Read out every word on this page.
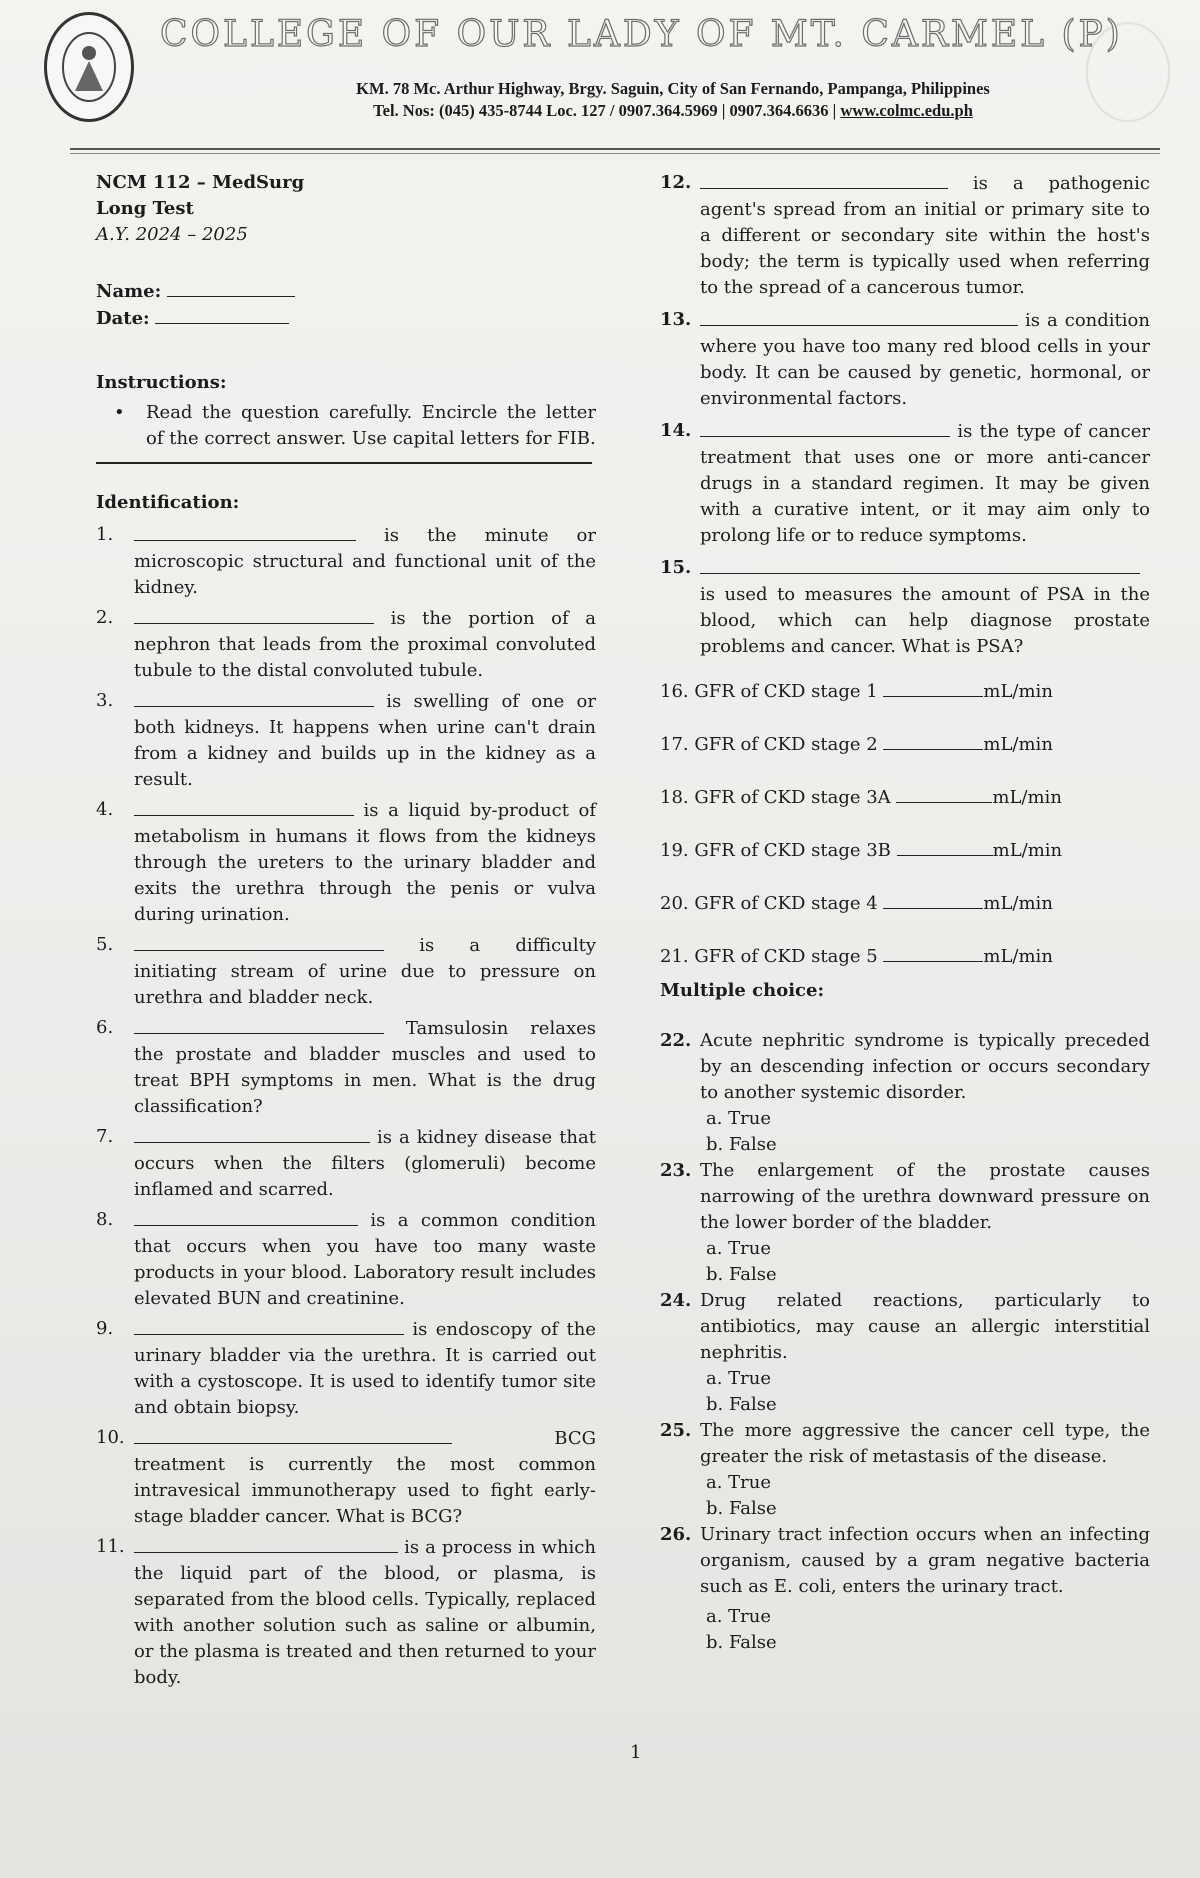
COLLEGE OF OUR LADY OF MT. CARMEL (P)
KM. 78 Mc. Arthur Highway, Brgy. Saguin, City of San Fernando, Pampanga, Philippines
Tel. Nos: (045) 435-8744 Loc. 127 / 0907.364.5969 | 0907.364.6636 | www.colmc.edu.ph
NCM 112 – MedSurg
Long Test
A.Y. 2024 – 2025
Name:
Date:
Instructions:
• Read the question carefully. Encircle the letter of the correct answer. Use capital letters for FIB.
Identification:
1.	is the minute or microscopic structural and functional unit of the kidney.
2.	is the portion of a nephron that leads from the proximal convoluted tubule to the distal convoluted tubule.
3.	is swelling of one or both kidneys. It happens when urine can't drain from a kidney and builds up in the kidney as a result.
4.	is a liquid by-product of metabolism in humans it flows from the kidneys through the ureters to the urinary bladder and exits the urethra through the penis or vulva during urination.
5.	is a difficulty initiating stream of urine due to pressure on urethra and bladder neck.
6.	Tamsulosin relaxes the prostate and bladder muscles and used to treat BPH symptoms in men. What is the drug classification?
7.	is a kidney disease that occurs when the filters (glomeruli) become inflamed and scarred.
8.	is a common condition that occurs when you have too many waste products in your blood. Laboratory result includes elevated BUN and creatinine.
9.	is endoscopy of the urinary bladder via the urethra. It is carried out with a cystoscope. It is used to identify tumor site and obtain biopsy.
10.	BCG treatment is currently the most common intravesical immunotherapy used to fight early-stage bladder cancer. What is BCG?
11.	is a process in which the liquid part of the blood, or plasma, is separated from the blood cells. Typically, replaced with another solution such as saline or albumin, or the plasma is treated and then returned to your body.
12.	is a pathogenic agent's spread from an initial or primary site to a different or secondary site within the host's body; the term is typically used when referring to the spread of a cancerous tumor.
13.	is a condition where you have too many red blood cells in your body. It can be caused by genetic, hormonal, or environmental factors.
14.	is the type of cancer treatment that uses one or more anti-cancer drugs in a standard regimen. It may be given with a curative intent, or it may aim only to prolong life or to reduce symptoms.
15.
is used to measures the amount of PSA in the blood, which can help diagnose prostate problems and cancer. What is PSA?
16. GFR of CKD stage 1	mL/min
17. GFR of CKD stage 2	mL/min
18. GFR of CKD stage 3A	mL/min
19. GFR of CKD stage 3B	mL/min
20. GFR of CKD stage 4	mL/min
21. GFR of CKD stage 5	mL/min
Multiple choice:
22. Acute nephritic syndrome is typically preceded by an descending infection or occurs secondary to another systemic disorder.
a. True
b. False
23. The enlargement of the prostate causes narrowing of the urethra downward pressure on the lower border of the bladder.
a. True
b. False
24. Drug related reactions, particularly to antibiotics, may cause an allergic interstitial nephritis.
a. True
b. False
25. The more aggressive the cancer cell type, the greater the risk of metastasis of the disease.
a. True
b. False
26. Urinary tract infection occurs when an infecting organism, caused by a gram negative bacteria such as E. coli, enters the urinary tract.
a. True
b. False
1
